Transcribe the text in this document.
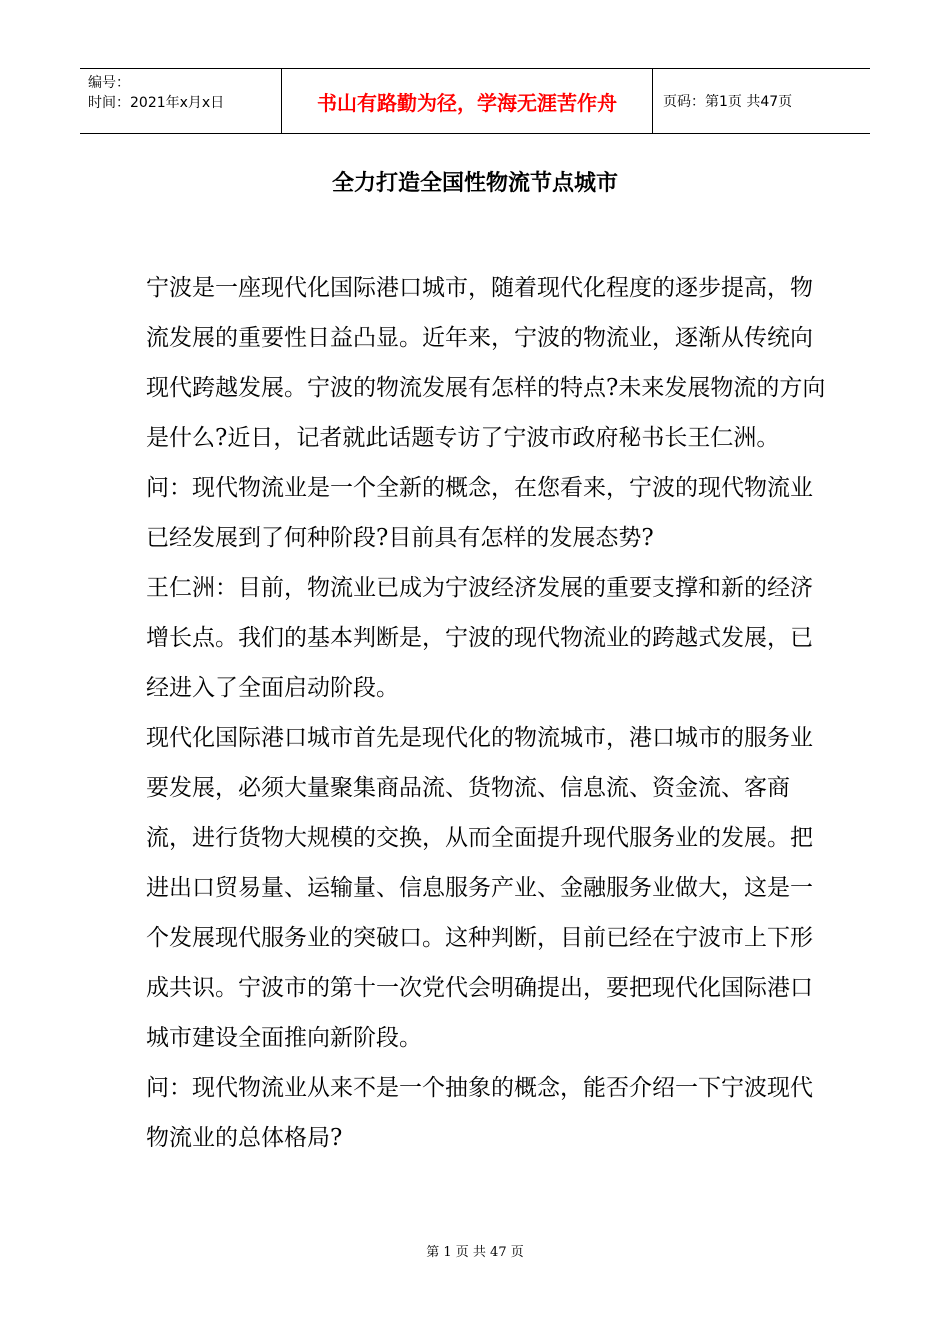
编号：
时间：2021年x月x日	书山有路勤为径，学海无涯苦作舟	页码：第1页 共47页
全力打造全国性物流节点城市

宁波是一座现代化国际港口城市，随着现代化程度的逐步提高，物流发展的重要性日益凸显。近年来，宁波的物流业，逐渐从传统向现代跨越发展。宁波的物流发展有怎样的特点?未来发展物流的方向是什么?近日，记者就此话题专访了宁波市政府秘书长王仁洲。

问：现代物流业是一个全新的概念，在您看来，宁波的现代物流业已经发展到了何种阶段?目前具有怎样的发展态势?

王仁洲：目前，物流业已成为宁波经济发展的重要支撑和新的经济增长点。我们的基本判断是，宁波的现代物流业的跨越式发展，已经进入了全面启动阶段。

现代化国际港口城市首先是现代化的物流城市，港口城市的服务业要发展，必须大量聚集商品流、货物流、信息流、资金流、客商流，进行货物大规模的交换，从而全面提升现代服务业的发展。把进出口贸易量、运输量、信息服务产业、金融服务业做大，这是一个发展现代服务业的突破口。这种判断，目前已经在宁波市上下形成共识。宁波市的第十一次党代会明确提出，要把现代化国际港口城市建设全面推向新阶段。

问：现代物流业从来不是一个抽象的概念，能否介绍一下宁波现代物流业的总体格局?

第 1 页 共 47 页
